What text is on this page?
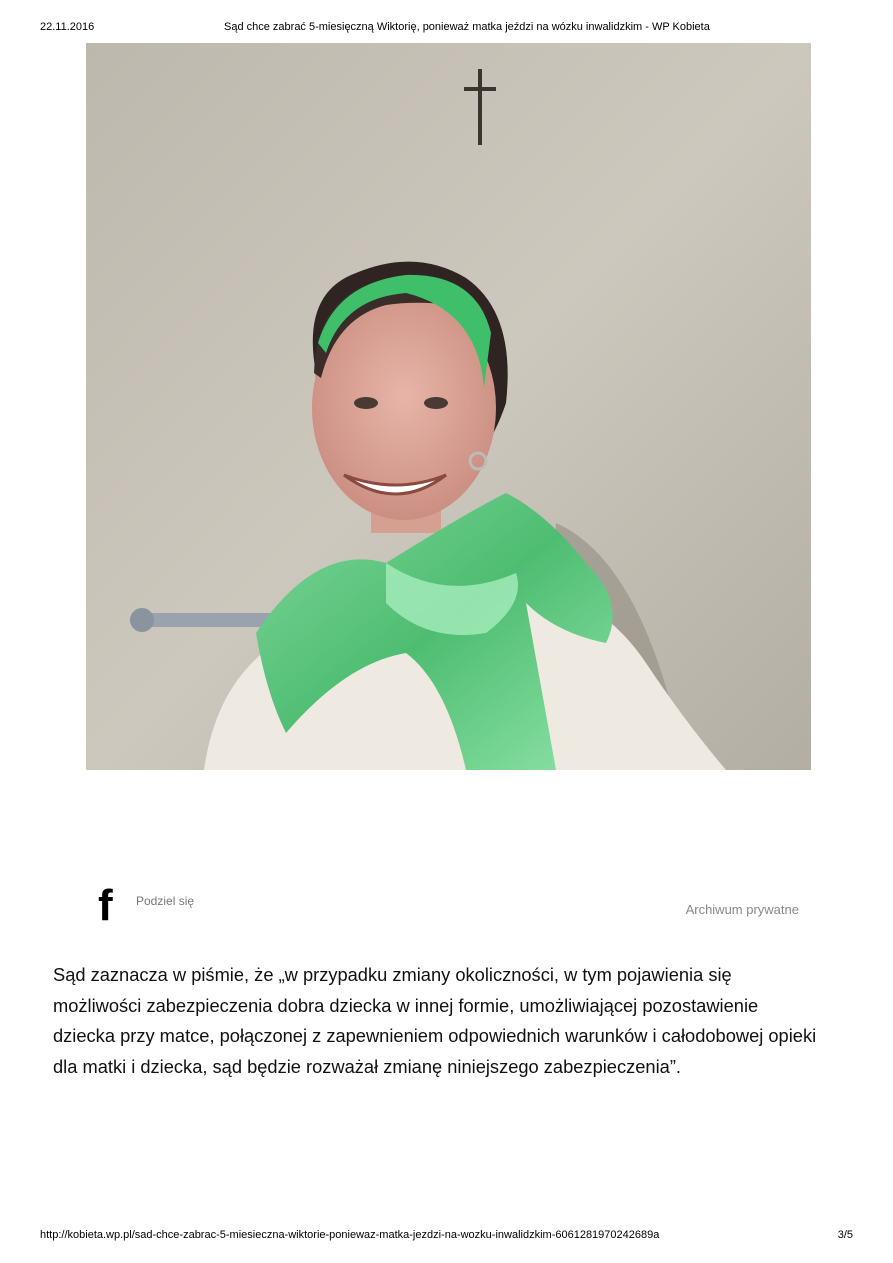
22.11.2016	Sąd chce zabrać 5-miesięczną Wiktorię, ponieważ matka jeździ na wózku inwalidzkim - WP Kobieta
f Podziel się
Archiwum prywatne

Sąd zaznacza w piśmie, że „w przypadku zmiany okoliczności, w tym pojawienia się możliwości zabezpieczenia dobra dziecka w innej formie, umożliwiającej pozostawienie dziecka przy matce, połączonej z zapewnieniem odpowiednich warunków i całodobowej opieki dla matki i dziecka, sąd będzie rozważał zmianę niniejszego zabezpieczenia”.

http://kobieta.wp.pl/sad-chce-zabrac-5-miesieczna-wiktorie-poniewaz-matka-jezdzi-na-wozku-inwalidzkim-6061281970242689a	3/5
